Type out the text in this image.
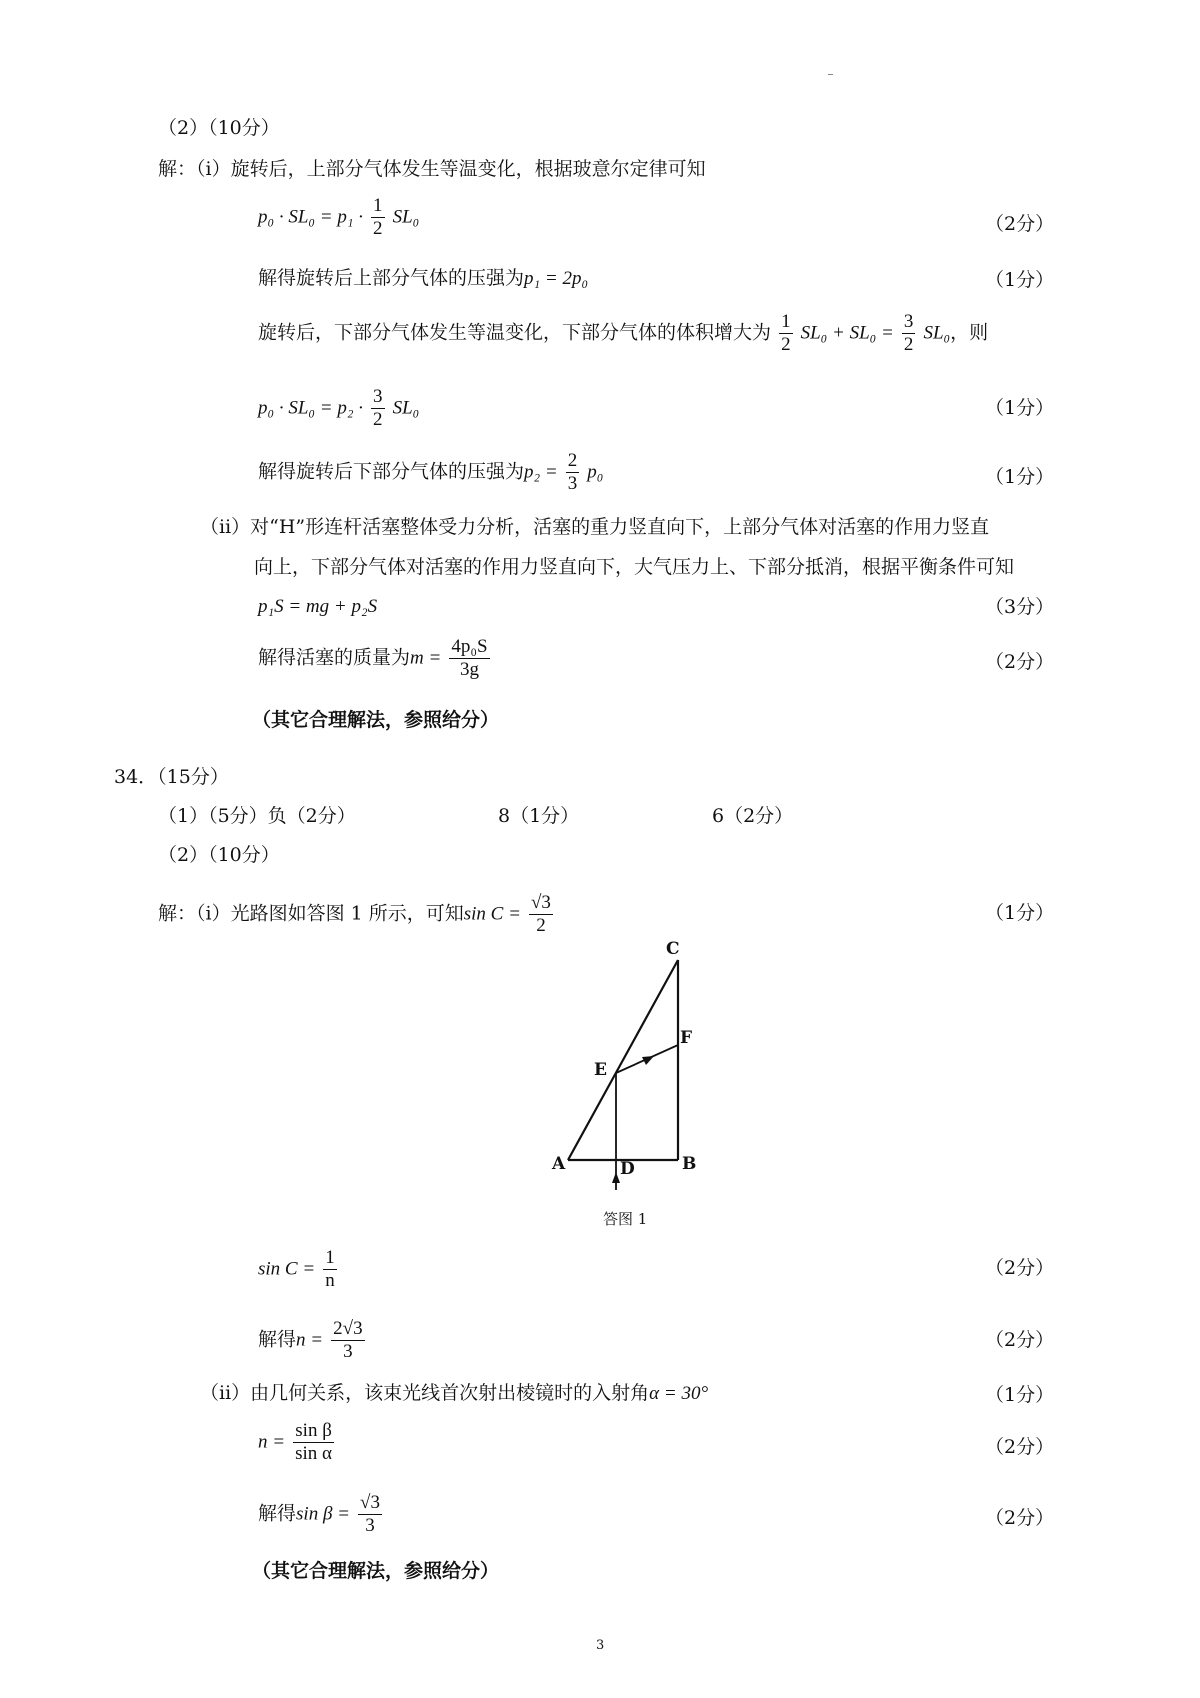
（2）（10分）
解：（ⅰ）旋转后，上部分气体发生等温变化，根据玻意尔定律可知
$p_0 \cdot SL_0 = p_1 \cdot \frac{1}{2} SL_0$	（2分）
解得旋转后上部分气体的压强为p₁ = 2p₀	（1分）
旋转后，下部分气体发生等温变化，下部分气体的体积增大为 $\frac{1}{2} SL_0 + SL_0 = \frac{3}{2} SL_0$，则
$p_0 \cdot SL_0 = p_2 \cdot \frac{3}{2} SL_0$	（1分）
解得旋转后下部分气体的压强为$p_2 = \frac{2}{3} p_0$	（1分）
（ⅱ）对“H”形连杆活塞整体受力分析，活塞的重力竖直向下，上部分气体对活塞的作用力竖直
向上，下部分气体对活塞的作用力竖直向下，大气压力上、下部分抵消，根据平衡条件可知
p₁S = mg + p₂S	（3分）
解得活塞的质量为$m = \frac{\text{4p₀S}}{3g}$	（2分）
（其它合理解法，参照给分）
34．（15分）
（1）（5分）负（2分）	8（1分）	6（2分）
（2）（10分）
解：（ⅰ）光路图如答图 1 所示，可知$\sin C = \frac{√3}{2}$	（1分）
C
F
E
A	D	B
答图 1
$\sin C = \frac{1}{n}$	（2分）
解得$n = \frac{2√3}{3}$	（2分）
（ⅱ）由几何关系，该束光线首次射出棱镜时的入射角α = 30°	（1分）
$n = \frac{\text{sin β}}{\text{sin α}}$	（2分）
解得$\sin \beta = \frac{√3}{3}$	（2分）
（其它合理解法，参照给分）
3
